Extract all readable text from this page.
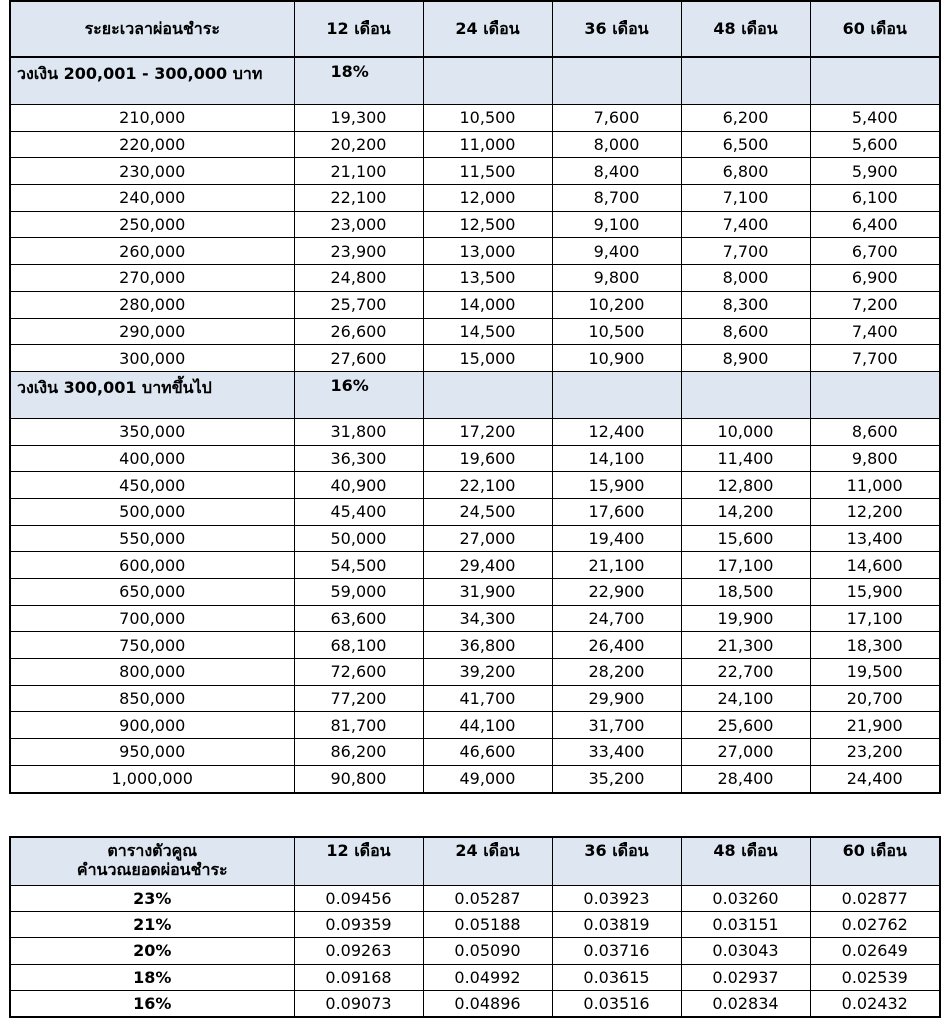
ระยะเวลาผ่อนชำระ	12 เดือน	24 เดือน	36 เดือน	48 เดือน	60 เดือน
วงเงิน 200,001 - 300,000 บาท	18%				
210,000	19,300	10,500	7,600	6,200	5,400
220,000	20,200	11,000	8,000	6,500	5,600
230,000	21,100	11,500	8,400	6,800	5,900
240,000	22,100	12,000	8,700	7,100	6,100
250,000	23,000	12,500	9,100	7,400	6,400
260,000	23,900	13,000	9,400	7,700	6,700
270,000	24,800	13,500	9,800	8,000	6,900
280,000	25,700	14,000	10,200	8,300	7,200
290,000	26,600	14,500	10,500	8,600	7,400
300,000	27,600	15,000	10,900	8,900	7,700
วงเงิน 300,001 บาทขึ้นไป	16%				
350,000	31,800	17,200	12,400	10,000	8,600
400,000	36,300	19,600	14,100	11,400	9,800
450,000	40,900	22,100	15,900	12,800	11,000
500,000	45,400	24,500	17,600	14,200	12,200
550,000	50,000	27,000	19,400	15,600	13,400
600,000	54,500	29,400	21,100	17,100	14,600
650,000	59,000	31,900	22,900	18,500	15,900
700,000	63,600	34,300	24,700	19,900	17,100
750,000	68,100	36,800	26,400	21,300	18,300
800,000	72,600	39,200	28,200	22,700	19,500
850,000	77,200	41,700	29,900	24,100	20,700
900,000	81,700	44,100	31,700	25,600	21,900
950,000	86,200	46,600	33,400	27,000	23,200
1,000,000	90,800	49,000	35,200	28,400	24,400
ตารางตัวคูณ
คำนวณยอดผ่อนชำระ	12 เดือน	24 เดือน	36 เดือน	48 เดือน	60 เดือน
23%	0.09456	0.05287	0.03923	0.03260	0.02877
21%	0.09359	0.05188	0.03819	0.03151	0.02762
20%	0.09263	0.05090	0.03716	0.03043	0.02649
18%	0.09168	0.04992	0.03615	0.02937	0.02539
16%	0.09073	0.04896	0.03516	0.02834	0.02432
